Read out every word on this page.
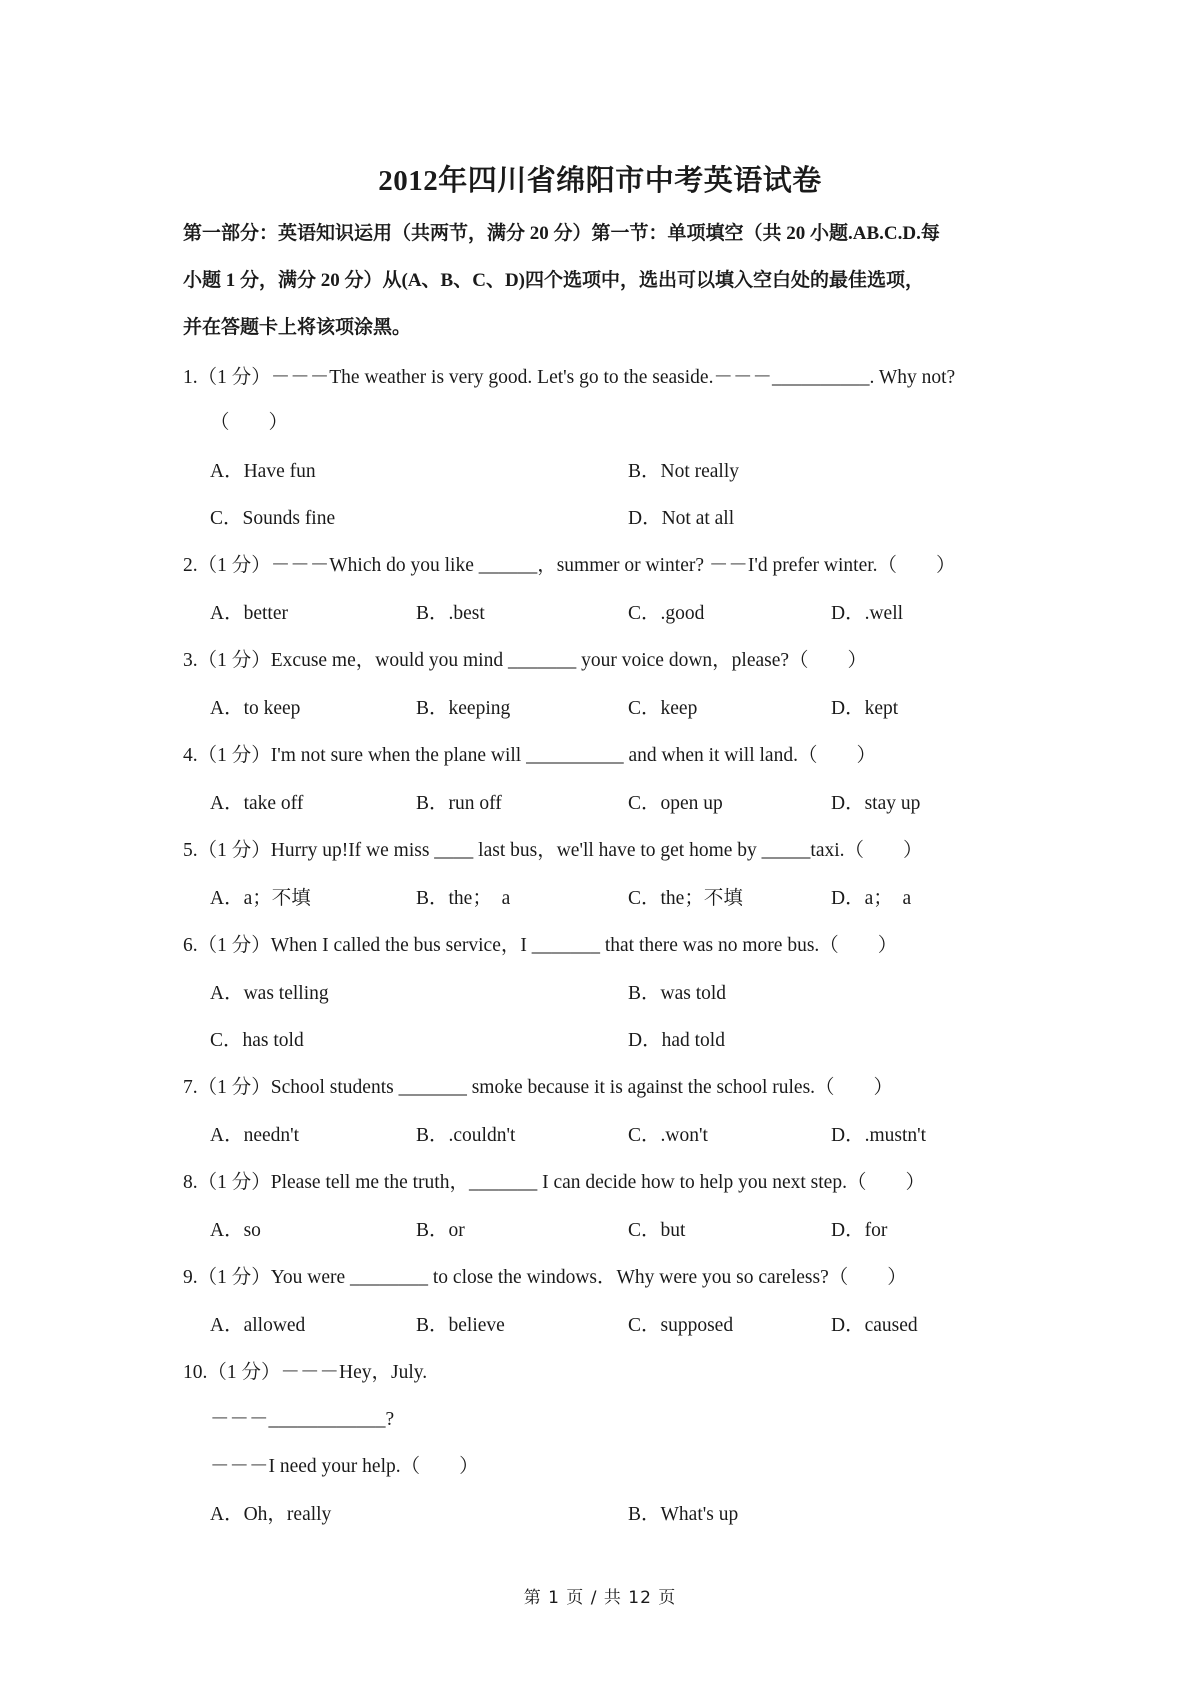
2012年四川省绵阳市中考英语试卷
第一部分：英语知识运用（共两节，满分 20 分）第一节：单项填空（共 20 小题.AB.C.D.每
小题 1 分，满分 20 分）从(A、B、C、D)四个选项中，选出可以填入空白处的最佳选项，
并在答题卡上将该项涂黑。
1.（1 分）－－－The weather is very good. Let's go to the seaside.－－－__________. Why not?
（　　）
A．Have fun	B．Not really
C．Sounds fine	D．Not at all
2.（1 分）－－－Which do you like ______，summer or winter? －－I'd prefer winter.（　　）
A．better	B．.best	C．.good	D．.well
3.（1 分）Excuse me，would you mind _______ your voice down，please?（　　）
A．to keep	B．keeping	C．keep	D．kept
4.（1 分）I'm not sure when the plane will __________ and when it will land.（　　）
A．take off	B．run off	C．open up	D．stay up
5.（1 分）Hurry up!If we miss ____ last bus，we'll have to get home by _____taxi.（　　）
A．a；不填	B．the；　a	C．the；不填	D．a；　a
6.（1 分）When I called the bus service，I _______ that there was no more bus.（　　）
A．was telling	B．was told
C．has told	D．had told
7.（1 分）School students _______ smoke because it is against the school rules.（　　）
A．needn't	B．.couldn't	C．.won't	D．.mustn't
8.（1 分）Please tell me the truth，_______ I can decide how to help you next step.（　　）
A．so	B．or	C．but	D．for
9.（1 分）You were ________ to close the windows．Why were you so careless?（　　）
A．allowed	B．believe	C．supposed	D．caused
10.（1 分）－－－Hey，July.
－－－____________?
－－－I need your help.（　　）
A．Oh，really	B．What's up
第 1 页 / 共 12 页
